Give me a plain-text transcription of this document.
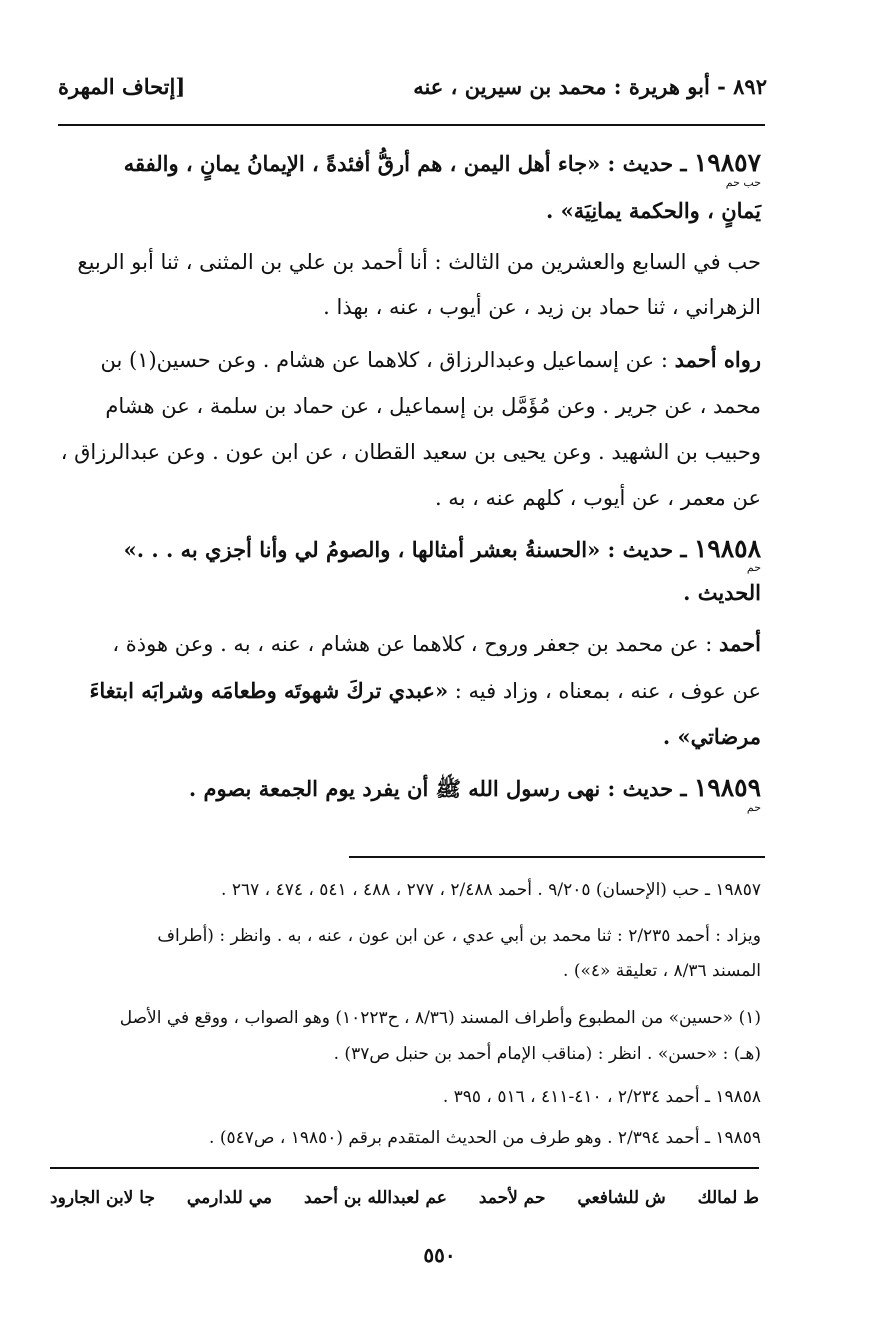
٨٩٢ - أبو هريرة : محمد بن سيرين ، عنه
[إتحاف المهرة
١٩٨٥٧ ـ حديث : «جاء أهل اليمن ، هم أرقُّ أفئدةً ، الإيمانُ يمانٍ ، والفقه
حب حم
يَمانٍ ، والحكمة يمانِيَة» .
حب في السابع والعشرين من الثالث : أنا أحمد بن علي بن المثنى ، ثنا أبو الربيع
الزهراني ، ثنا حماد بن زيد ، عن أيوب ، عنه ، بهذا .
رواه أحمد : عن إسماعيل وعبدالرزاق ، كلاهما عن هشام . وعن حسين(١) بن
محمد ، عن جرير . وعن مُؤَمَّل بن إسماعيل ، عن حماد بن سلمة ، عن هشام
وحبيب بن الشهيد . وعن يحيى بن سعيد القطان ، عن ابن عون . وعن عبدالرزاق ،
عن معمر ، عن أيوب ، كلهم عنه ، به .
١٩٨٥٨ ـ حديث : «الحسنةُ بعشر أمثالها ، والصومُ لي وأنا أجزي به . . .»
حم
الحديث .
أحمد : عن محمد بن جعفر وروح ، كلاهما عن هشام ، عنه ، به . وعن هوذة ،
عن عوف ، عنه ، بمعناه ، وزاد فيه : «عبدي تركَ شهوتَه وطعامَه وشرابَه ابتغاءَ
مرضاتي» .
١٩٨٥٩ ـ حديث : نهى رسول الله ﷺ أن يفرد يوم الجمعة بصوم .
حم
١٩٨٥٧ ـ حب (الإحسان) ٩/٢٠٥ . أحمد ٢/٤٨٨ ، ٢٧٧ ، ٤٨٨ ، ٥٤١ ، ٤٧٤ ، ٢٦٧ .
ويزاد : أحمد ٢/٢٣٥ : ثنا محمد بن أبي عدي ، عن ابن عون ، عنه ، به . وانظر : (أطراف
المسند ٨/٣٦ ، تعليقة «٤») .
(١) «حسين» من المطبوع وأطراف المسند (٨/٣٦ ، ح١٠٢٢٣) وهو الصواب ، ووقع في الأصل
(هـ) : «حسن» . انظر : (مناقب الإمام أحمد بن حنبل ص٣٧) .
١٩٨٥٨ ـ أحمد ٢/٢٣٤ ، ٤١٠-٤١١ ، ٥١٦ ، ٣٩٥ .
١٩٨٥٩ ـ أحمد ٢/٣٩٤ . وهو طرف من الحديث المتقدم برقم (١٩٨٥٠ ، ص٥٤٧) .
ط لمالك
ش للشافعي
حم لأحمد
عم لعبدالله بن أحمد
مي للدارمي
جا لابن الجارود
٥٥٠
